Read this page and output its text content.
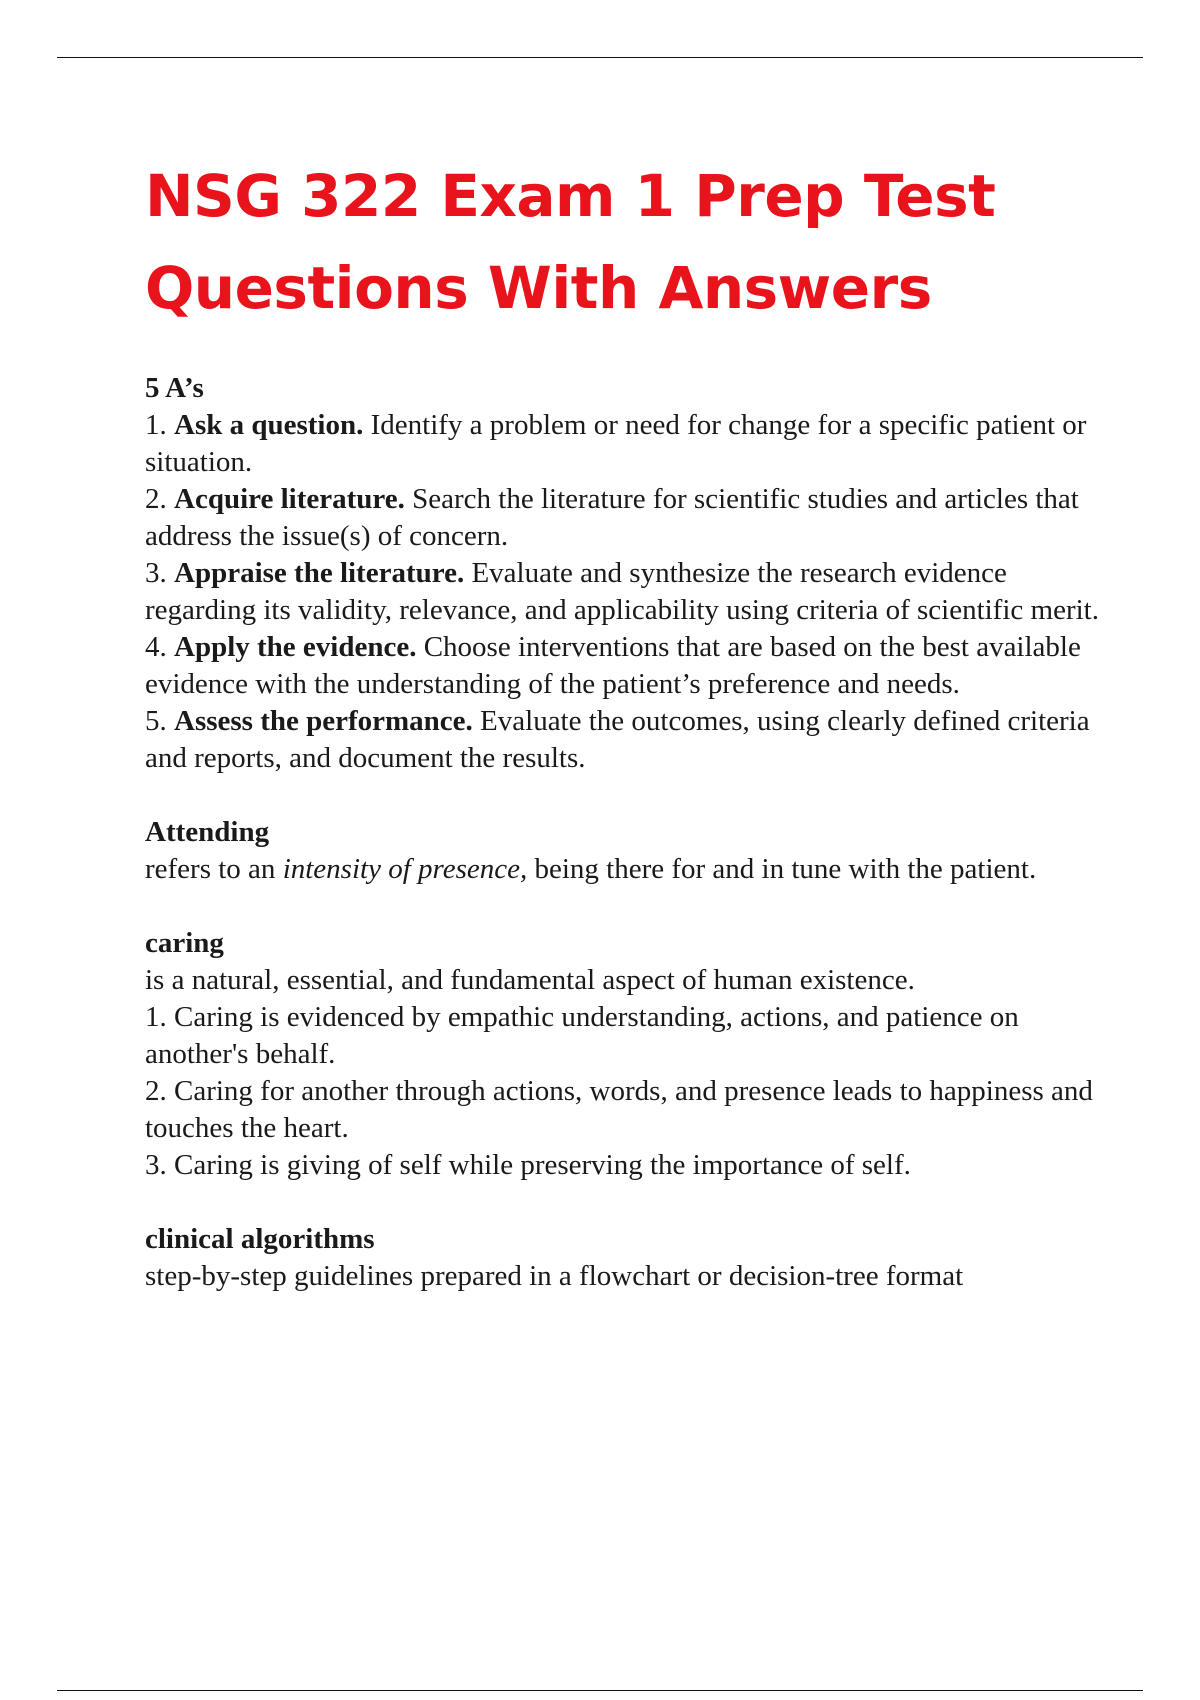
NSG 322 Exam 1 Prep Test
Questions With Answers
5 A’s
1. Ask a question. Identify a problem or need for change for a specific patient or situation.
2. Acquire literature. Search the literature for scientific studies and articles that address the issue(s) of concern.
3. Appraise the literature. Evaluate and synthesize the research evidence regarding its validity, relevance, and applicability using criteria of scientific merit.
4. Apply the evidence. Choose interventions that are based on the best available evidence with the understanding of the patient’s preference and needs.
5. Assess the performance. Evaluate the outcomes, using clearly defined criteria and reports, and document the results.
Attending
refers to an intensity of presence, being there for and in tune with the patient.
caring
is a natural, essential, and fundamental aspect of human existence.
1. Caring is evidenced by empathic understanding, actions, and patience on another's behalf.
2. Caring for another through actions, words, and presence leads to happiness and touches the heart.
3. Caring is giving of self while preserving the importance of self.
clinical algorithms
step-by-step guidelines prepared in a flowchart or decision-tree format
